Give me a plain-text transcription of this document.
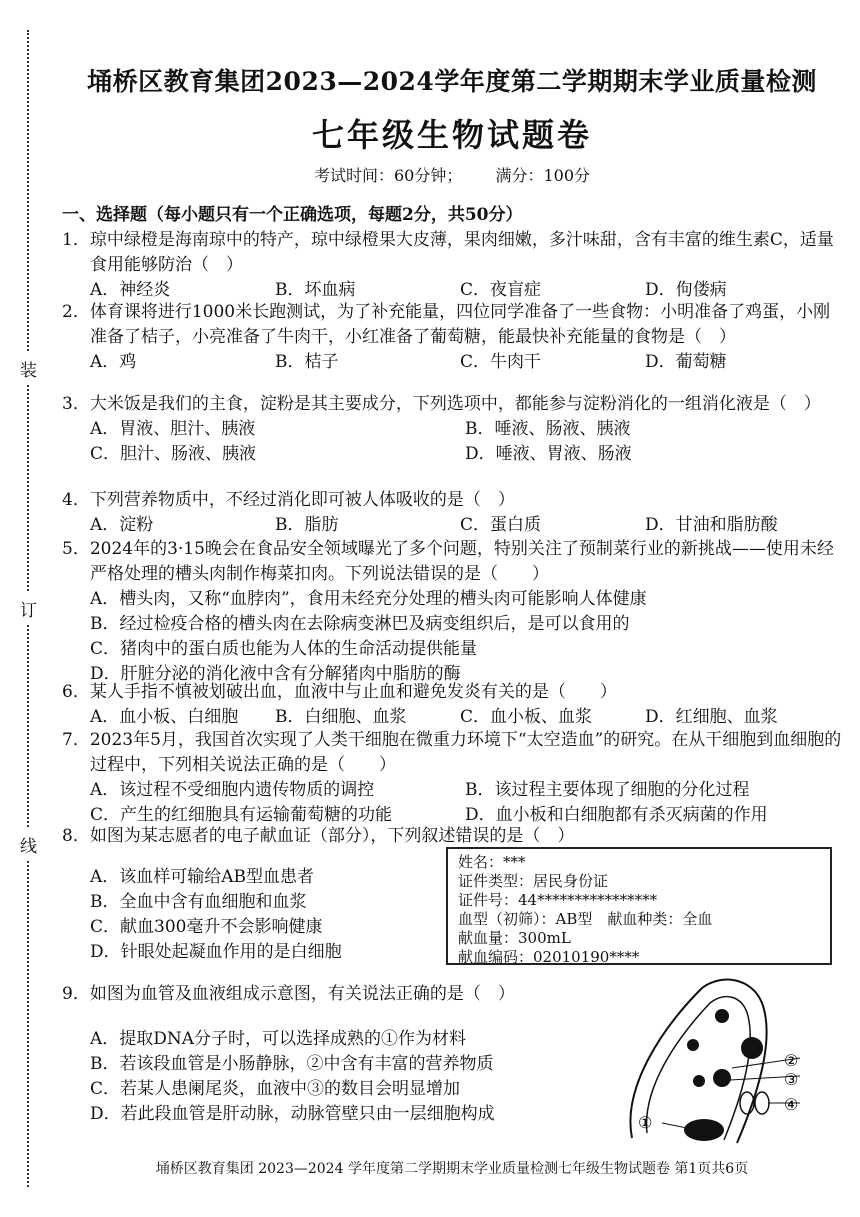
装
订
线
埇桥区教育集团2023—2024学年度第二学期期末学业质量检测
七年级生物试题卷
考试时间：60分钟； 满分：100分
一、选择题（每小题只有一个正确选项，每题2分，共50分）
1．琼中绿橙是海南琼中的特产，琼中绿橙果大皮薄，果肉细嫩，多汁味甜，含有丰富的维生素C，适量食用能够防治（　）
A．神经炎	B．坏血病	C．夜盲症	D．佝偻病
2．体育课将进行1000米长跑测试，为了补充能量，四位同学准备了一些食物：小明准备了鸡蛋，小刚准备了桔子，小亮准备了牛肉干，小红准备了葡萄糖，能最快补充能量的食物是（　）
A．鸡	B．桔子	C．牛肉干	D．葡萄糖
3．大米饭是我们的主食，淀粉是其主要成分，下列选项中，都能参与淀粉消化的一组消化液是（　）
A．胃液、胆汁、胰液	B．唾液、肠液、胰液
C．胆汁、肠液、胰液	D．唾液、胃液、肠液
4．下列营养物质中，不经过消化即可被人体吸收的是（　）
A．淀粉	B．脂肪	C．蛋白质	D．甘油和脂肪酸
5．2024年的3·15晚会在食品安全领域曝光了多个问题，特别关注了预制菜行业的新挑战——使用未经严格处理的槽头肉制作梅菜扣肉。下列说法错误的是（　　）
A．槽头肉，又称“血脖肉”，食用未经充分处理的槽头肉可能影响人体健康
B．经过检疫合格的槽头肉在去除病变淋巴及病变组织后，是可以食用的
C．猪肉中的蛋白质也能为人体的生命活动提供能量
D．肝脏分泌的消化液中含有分解猪肉中脂肪的酶
6．某人手指不慎被划破出血，血液中与止血和避免发炎有关的是（　　）
A．血小板、白细胞	B．白细胞、血浆	C．血小板、血浆	D．红细胞、血浆
7．2023年5月，我国首次实现了人类干细胞在微重力环境下“太空造血”的研究。在从干细胞到血细胞的过程中，下列相关说法正确的是（　　）
A．该过程不受细胞内遗传物质的调控	B．该过程主要体现了细胞的分化过程
C．产生的红细胞具有运输葡萄糖的功能	D．血小板和白细胞都有杀灭病菌的作用
8．如图为某志愿者的电子献血证（部分），下列叙述错误的是（　）
A．该血样可输给AB型血患者
B．全血中含有血细胞和血浆
C．献血300毫升不会影响健康
D．针眼处起凝血作用的是白细胞
姓名：***
证件类型：居民身份证
证件号：44****************
血型（初筛）：AB型　献血种类：全血
献血量：300mL
献血编码：02010190****
9．如图为血管及血液组成示意图，有关说法正确的是（　）
A．提取DNA分子时，可以选择成熟的①作为材料
B．若该段血管是小肠静脉，②中含有丰富的营养物质
C．若某人患阑尾炎，血液中③的数目会明显增加
D．若此段血管是肝动脉，动脉管壁只由一层细胞构成	①
②
③
④
埇桥区教育集团 2023—2024 学年度第二学期期末学业质量检测七年级生物试题卷 第1页共6页
